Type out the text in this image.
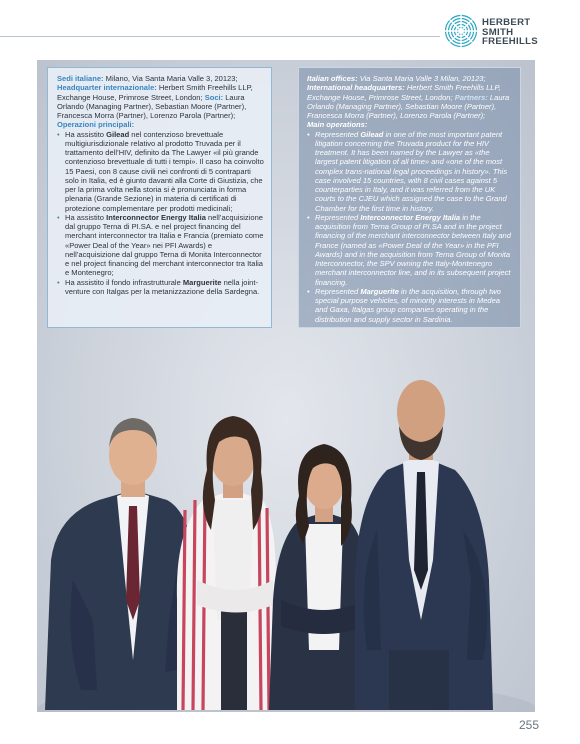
HERBERT
SMITH
FREEHILLS
Sedi italiane: Milano, Via Santa Maria Valle 3, 20123;
Headquarter internazionale: Herbert Smith Freehills LLP, Exchange House, Primrose Street, London; Soci: Laura Orlando (Managing Partner), Sebastian Moore (Partner), Francesca Morra (Partner), Lorenzo Parola (Partner);
Operazioni principali:
• Ha assistito Gilead nel contenzioso brevettuale multigiurisdizionale relativo al prodotto Truvada per il trattamento dell’HIV, definito da The Lawyer «il più grande contenzioso brevettuale di tutti i tempi». Il caso ha coinvolto 15 Paesi, con 8 cause civili nei confronti di 5 contraparti solo in Italia, ed è giunto davanti alla Corte di Giustizia, che per la prima volta nella storia si è pronunciata in forma plenaria (Grande Sezione) in materia di certificati di protezione complementare per prodotti medicinali;
• Ha assistito Interconnector Energy Italia nell’acquisizione dal gruppo Terna di PI.SA. e nel project financing del merchant interconnector tra Italia e Francia (premiato come «Power Deal of the Year» nei PFI Awards) e nell’acquisizione dal gruppo Terna di Monita Interconnector e nel project financing del merchant interconnector tra Italia e Montenegro;
• Ha assistito il fondo infrastrutturale Marguerite nella joint-venture con Italgas per la metanizzazione della Sardegna.
Italian offices: Via Santa Maria Valle 3 Milan, 20123;
International headquarters: Herbert Smith Freehills LLP, Exchange House, Primrose Street, London; Partners: Laura Orlando (Managing Partner), Sebastian Moore (Partner), Francesca Morra (Partner), Lorenzo Parola (Partner);
Main operations:
• Represented Gilead in one of the most important patent litigation concerning the Truvada product for the HIV treatment. It has been named by the Lawyer as «the largest patent litigation of all time» and «one of the most complex trans-national legal proceedings in history». This case involved 15 countries, with 8 civil cases against 5 counterparties in Italy, and it was referred from the UK courts to the CJEU which assigned the case to the Grand Chamber for the first time in history.
• Represented Interconnector Energy Italia in the acquisition from Terna Group of PI.SA and in the project financing of the merchant interconnector between Italy and France (named as «Power Deal of the Year» in the PFI Awards) and in the acquisition from Terna Group of Monita Interconnector, the SPV owning the Italy-Montenegro merchant interconnector line, and in its subsequent project financing.
• Represented Marguerite in the acquisition, through two special purpose vehicles, of minority interests in Medea and Gaxa, Italgas group companies operating in the distribution and supply sector in Sardinia.
255
